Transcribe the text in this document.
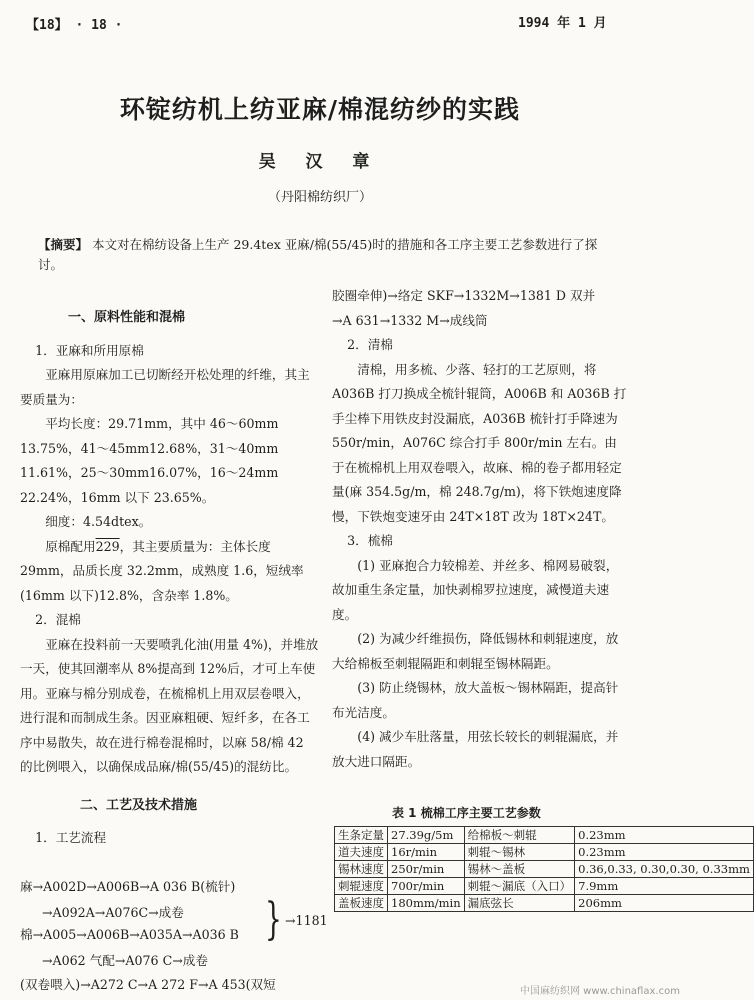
【18】 · 18 ·	1994 年 1 月
环锭纺机上纺亚麻/棉混纺纱的实践
吴 汉 章
（丹阳棉纺织厂）
【摘要】 本文对在棉纺设备上生产 29.4tex 亚麻/棉(55/45)时的措施和各工序主要工艺参数进行了探讨。

一、原料性能和混棉

1．亚麻和所用原棉

亚麻用原麻加工已切断经开松处理的纤维，其主要质量为：

平均长度：29.71mm，其中 46～60mm 13.75%，41～45mm12.68%，31～40mm 11.61%，25～30mm16.07%，16～24mm 22.24%，16mm 以下 23.65%。

细度：4.54dtex。

原棉配用229，其主要质量为：主体长度 29mm，品质长度 32.2mm，成熟度 1.6，短绒率(16mm 以下)12.8%，含杂率 1.8%。

2．混棉

亚麻在投料前一天要喷乳化油(用量 4%)，并堆放一天，使其回潮率从 8%提高到 12%后，才可上车使用。亚麻与棉分别成卷，在梳棉机上用双层卷喂入，进行混和而制成生条。因亚麻粗硬、短纤多，在各工序中易散失，故在进行棉卷混棉时，以麻 58/棉 42 的比例喂入，以确保成品麻/棉(55/45)的混纺比。

二、工艺及技术措施

1．工艺流程

麻→A002D→A006B→A 036 B(梳针)
→A092A→A076C→成卷
棉→A005→A006B→A035A→A036 B } →1181
→A062 气配→A076 C→成卷
(双卷喂入)→A272 C→A 272 F→A 453(双短

胶圈牵伸)→络定 SKF→1332M→1381 D 双并

→A 631→1332 M→成线筒

2．清棉

清棉，用多梳、少落、轻打的工艺原则，将 A036B 打刀换成全梳针辊筒，A006B 和 A036B 打手尘棒下用铁皮封没漏底，A036B 梳针打手降速为 550r/min，A076C 综合打手 800r/min 左右。由于在梳棉机上用双卷喂入，故麻、棉的卷子都用轻定量(麻 354.5g/m，棉 248.7g/m)，将下铁炮速度降慢，下铁炮变速牙由 24T×18T 改为 18T×24T。

3．梳棉

(1) 亚麻抱合力较棉差、并丝多、棉网易破裂，故加重生条定量，加快剥棉罗拉速度，减慢道夫速度。

(2) 为减少纤维损伤，降低锡林和刺辊速度，放大给棉板至刺辊隔距和刺辊至锡林隔距。

(3) 防止绕锡林，放大盖板～锡林隔距，提高针布光洁度。

(4) 减少车肚落量，用弦长较长的刺辊漏底，并放大进口隔距。

表 1 梳棉工序主要工艺参数
生条定量	27.39g/5m	给棉板～刺辊	0.23mm
道夫速度	16r/min	刺辊～锡林	0.23mm
锡林速度	250r/min	锡林～盖板	0.36,0.33, 0.30,0.30, 0.33mm
刺辊速度	700r/min	刺辊～漏底（入口）	7.9mm
盖板速度	180mm/min	漏底弦长	206mm
中国麻纺织网 www.chinaflax.com
